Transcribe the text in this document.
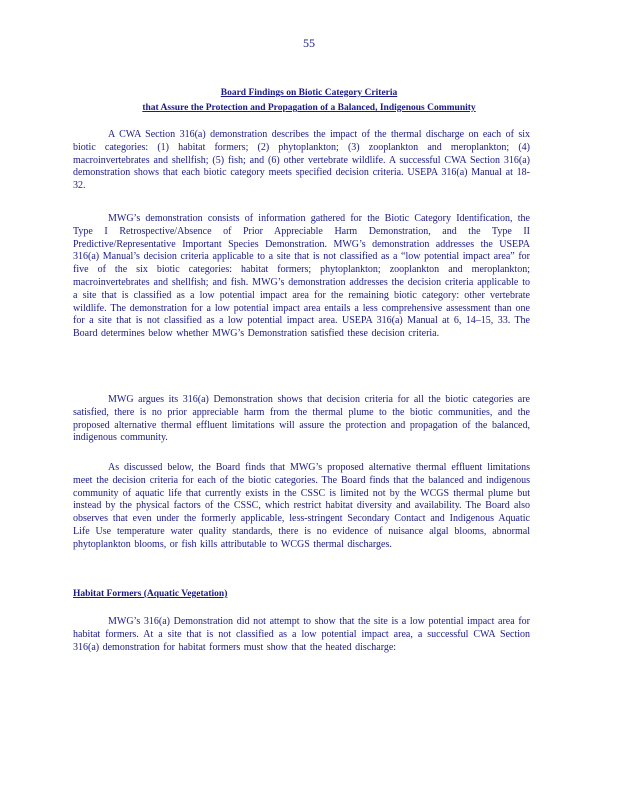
55
Board Findings on Biotic Category Criteria
that Assure the Protection and Propagation of a Balanced, Indigenous Community

A CWA Section 316(a) demonstration describes the impact of the thermal discharge on each of six biotic categories: (1) habitat formers; (2) phytoplankton; (3) zooplankton and meroplankton; (4) macroinvertebrates and shellfish; (5) fish; and (6) other vertebrate wildlife. A successful CWA Section 316(a) demonstration shows that each biotic category meets specified decision criteria. USEPA 316(a) Manual at 18-32.

MWG’s demonstration consists of information gathered for the Biotic Category Identification, the Type I Retrospective/Absence of Prior Appreciable Harm Demonstration, and the Type II Predictive/Representative Important Species Demonstration. MWG’s demonstration addresses the USEPA 316(a) Manual’s decision criteria applicable to a site that is not classified as a “low potential impact area” for five of the six biotic categories: habitat formers; phytoplankton; zooplankton and meroplankton; macroinvertebrates and shellfish; and fish. MWG’s demonstration addresses the decision criteria applicable to a site that is classified as a low potential impact area for the remaining biotic category: other vertebrate wildlife. The demonstration for a low potential impact area entails a less comprehensive assessment than one for a site that is not classified as a low potential impact area. USEPA 316(a) Manual at 6, 14–15, 33. The Board determines below whether MWG’s Demonstration satisfied these decision criteria.

MWG argues its 316(a) Demonstration shows that decision criteria for all the biotic categories are satisfied, there is no prior appreciable harm from the thermal plume to the biotic communities, and the proposed alternative thermal effluent limitations will assure the protection and propagation of the balanced, indigenous community.

As discussed below, the Board finds that MWG’s proposed alternative thermal effluent limitations meet the decision criteria for each of the biotic categories. The Board finds that the balanced and indigenous community of aquatic life that currently exists in the CSSC is limited not by the WCGS thermal plume but instead by the physical factors of the CSSC, which restrict habitat diversity and availability. The Board also observes that even under the formerly applicable, less-stringent Secondary Contact and Indigenous Aquatic Life Use temperature water quality standards, there is no evidence of nuisance algal blooms, abnormal phytoplankton blooms, or fish kills attributable to WCGS thermal discharges.

Habitat Formers (Aquatic Vegetation)

MWG’s 316(a) Demonstration did not attempt to show that the site is a low potential impact area for habitat formers. At a site that is not classified as a low potential impact area, a successful CWA Section 316(a) demonstration for habitat formers must show that the heated discharge:
